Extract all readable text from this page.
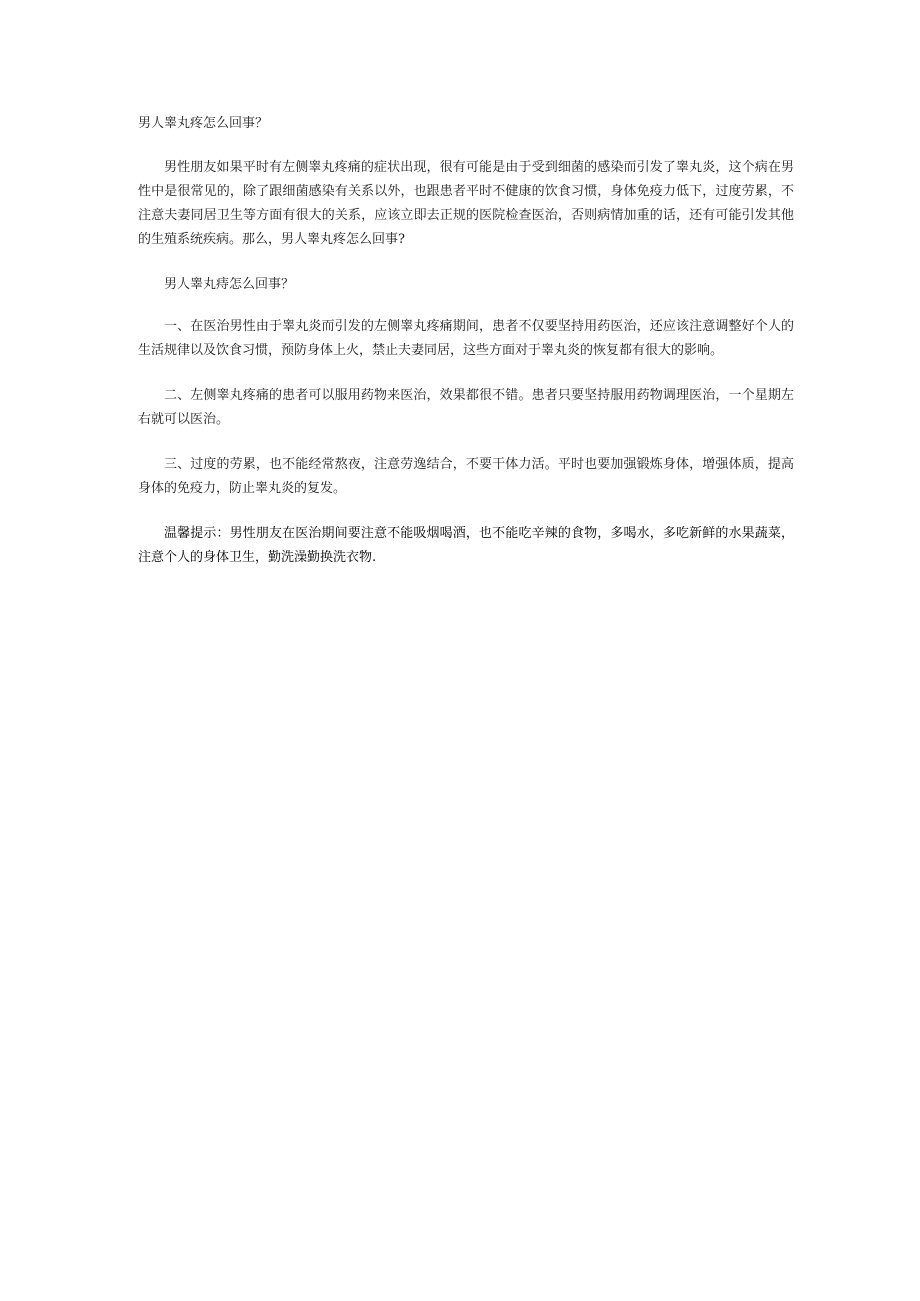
男人睾丸疼怎么回事？

男性朋友如果平时有左侧睾丸疼痛的症状出现，很有可能是由于受到细菌的感染而引发了睾丸炎，这个病在男性中是很常见的，除了跟细菌感染有关系以外，也跟患者平时不健康的饮食习惯，身体免疫力低下，过度劳累，不注意夫妻同居卫生等方面有很大的关系，应该立即去正规的医院检查医治，否则病情加重的话，还有可能引发其他的生殖系统疾病。那么，男人睾丸疼怎么回事?

男人睾丸痔怎么回事？

一、在医治男性由于睾丸炎而引发的左侧睾丸疼痛期间，患者不仅要坚持用药医治，还应该注意调整好个人的生活规律以及饮食习惯，预防身体上火，禁止夫妻同居，这些方面对于睾丸炎的恢复都有很大的影响。

二、左侧睾丸疼痛的患者可以服用药物来医治，效果都很不错。患者只要坚持服用药物调理医治，一个星期左右就可以医治。

三、过度的劳累，也不能经常熬夜，注意劳逸结合，不要干体力活。平时也要加强锻炼身体，增强体质，提高身体的免疫力，防止睾丸炎的复发。

温馨提示：男性朋友在医治期间要注意不能吸烟喝酒，也不能吃辛辣的食物，多喝水，多吃新鲜的水果蔬菜，注意个人的身体卫生，勤洗澡勤换洗衣物.
